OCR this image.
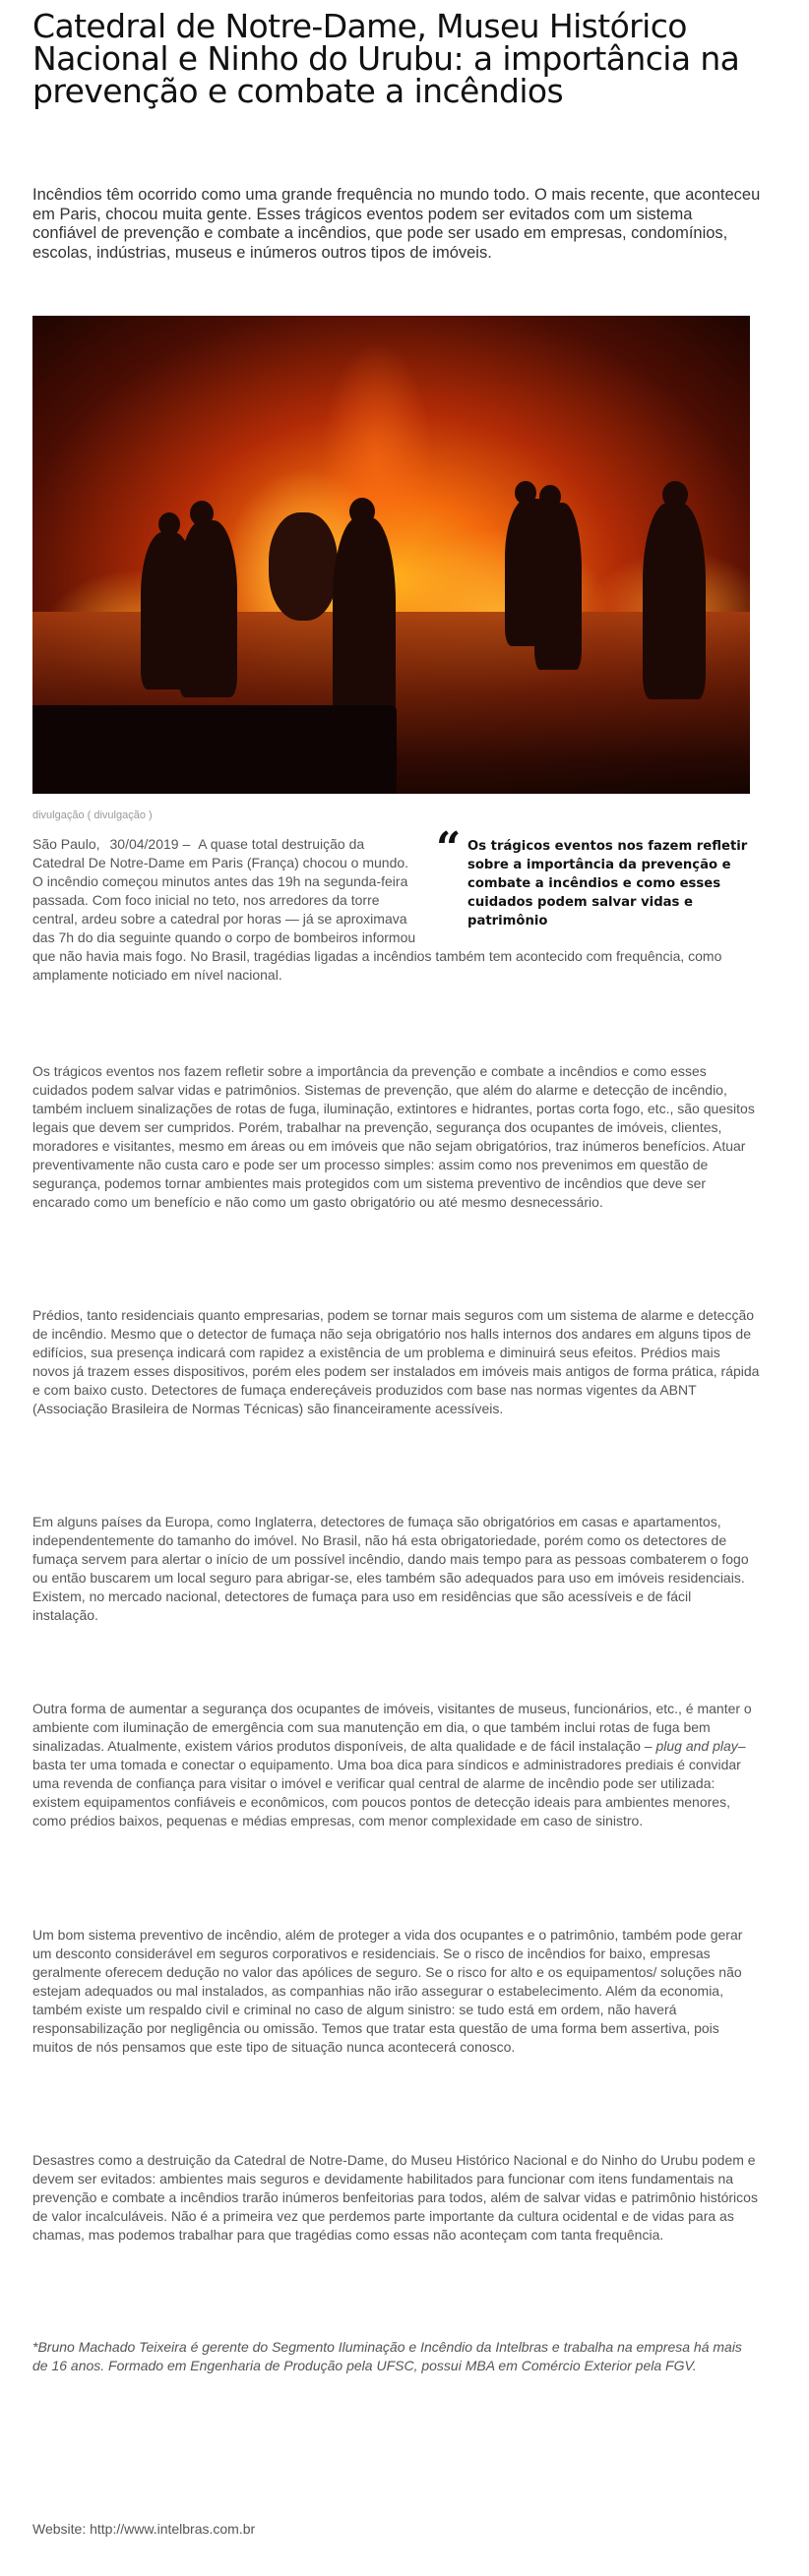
Catedral de Notre-Dame, Museu Histórico Nacional e Ninho do Urubu: a importância na prevenção e combate a incêndios

Incêndios têm ocorrido como uma grande frequência no mundo todo. O mais recente, que aconteceu em Paris, chocou muita gente. Esses trágicos eventos podem ser evitados com um sistema confiável de prevenção e combate a incêndios, que pode ser usado em empresas, condomínios, escolas, indústrias, museus e inúmeros outros tipos de imóveis.

divulgação ( divulgação )
“ Os trágicos eventos nos fazem refletir sobre a importância da prevenção e combate a incêndios e como esses cuidados podem salvar vidas e patrimônio

São Paulo, 30/04/2019 – A quase total destruição da Catedral De Notre-Dame em Paris (França) chocou o mundo. O incêndio começou minutos antes das 19h na segunda-feira passada. Com foco inicial no teto, nos arredores da torre central, ardeu sobre a catedral por horas — já se aproximava das 7h do dia seguinte quando o corpo de bombeiros informou que não havia mais fogo. No Brasil, tragédias ligadas a incêndios também tem acontecido com frequência, como amplamente noticiado em nível nacional.

Os trágicos eventos nos fazem refletir sobre a importância da prevenção e combate a incêndios e como esses cuidados podem salvar vidas e patrimônios. Sistemas de prevenção, que além do alarme e detecção de incêndio, também incluem sinalizações de rotas de fuga, iluminação, extintores e hidrantes, portas corta fogo, etc., são quesitos legais que devem ser cumpridos. Porém, trabalhar na prevenção, segurança dos ocupantes de imóveis, clientes, moradores e visitantes, mesmo em áreas ou em imóveis que não sejam obrigatórios, traz inúmeros benefícios. Atuar preventivamente não custa caro e pode ser um processo simples: assim como nos prevenimos em questão de segurança, podemos tornar ambientes mais protegidos com um sistema preventivo de incêndios que deve ser encarado como um benefício e não como um gasto obrigatório ou até mesmo desnecessário.

Prédios, tanto residenciais quanto empresarias, podem se tornar mais seguros com um sistema de alarme e detecção de incêndio. Mesmo que o detector de fumaça não seja obrigatório nos halls internos dos andares em alguns tipos de edifícios, sua presença indicará com rapidez a existência de um problema e diminuirá seus efeitos. Prédios mais novos já trazem esses dispositivos, porém eles podem ser instalados em imóveis mais antigos de forma prática, rápida e com baixo custo. Detectores de fumaça endereçáveis produzidos com base nas normas vigentes da ABNT (Associação Brasileira de Normas Técnicas) são financeiramente acessíveis.

Em alguns países da Europa, como Inglaterra, detectores de fumaça são obrigatórios em casas e apartamentos, independentemente do tamanho do imóvel. No Brasil, não há esta obrigatoriedade, porém como os detectores de fumaça servem para alertar o início de um possível incêndio, dando mais tempo para as pessoas combaterem o fogo ou então buscarem um local seguro para abrigar-se, eles também são adequados para uso em imóveis residenciais. Existem, no mercado nacional, detectores de fumaça para uso em residências que são acessíveis e de fácil instalação.

Outra forma de aumentar a segurança dos ocupantes de imóveis, visitantes de museus, funcionários, etc., é manter o ambiente com iluminação de emergência com sua manutenção em dia, o que também inclui rotas de fuga bem sinalizadas. Atualmente, existem vários produtos disponíveis, de alta qualidade e de fácil instalação – plug and play– basta ter uma tomada e conectar o equipamento. Uma boa dica para síndicos e administradores prediais é convidar uma revenda de confiança para visitar o imóvel e verificar qual central de alarme de incêndio pode ser utilizada: existem equipamentos confiáveis e econômicos, com poucos pontos de detecção ideais para ambientes menores, como prédios baixos, pequenas e médias empresas, com menor complexidade em caso de sinistro.

Um bom sistema preventivo de incêndio, além de proteger a vida dos ocupantes e o patrimônio, também pode gerar um desconto considerável em seguros corporativos e residenciais. Se o risco de incêndios for baixo, empresas geralmente oferecem dedução no valor das apólices de seguro. Se o risco for alto e os equipamentos/ soluções não estejam adequados ou mal instalados, as companhias não irão assegurar o estabelecimento. Além da economia, também existe um respaldo civil e criminal no caso de algum sinistro: se tudo está em ordem, não haverá responsabilização por negligência ou omissão. Temos que tratar esta questão de uma forma bem assertiva, pois muitos de nós pensamos que este tipo de situação nunca acontecerá conosco.

Desastres como a destruição da Catedral de Notre-Dame, do Museu Histórico Nacional e do Ninho do Urubu podem e devem ser evitados: ambientes mais seguros e devidamente habilitados para funcionar com itens fundamentais na prevenção e combate a incêndios trarão inúmeros benfeitorias para todos, além de salvar vidas e patrimônio históricos de valor incalculáveis. Não é a primeira vez que perdemos parte importante da cultura ocidental e de vidas para as chamas, mas podemos trabalhar para que tragédias como essas não aconteçam com tanta frequência.

*Bruno Machado Teixeira é gerente do Segmento Iluminação e Incêndio da Intelbras e trabalha na empresa há mais de 16 anos. Formado em Engenharia de Produção pela UFSC, possui MBA em Comércio Exterior pela FGV.

Website: http://www.intelbras.com.br
